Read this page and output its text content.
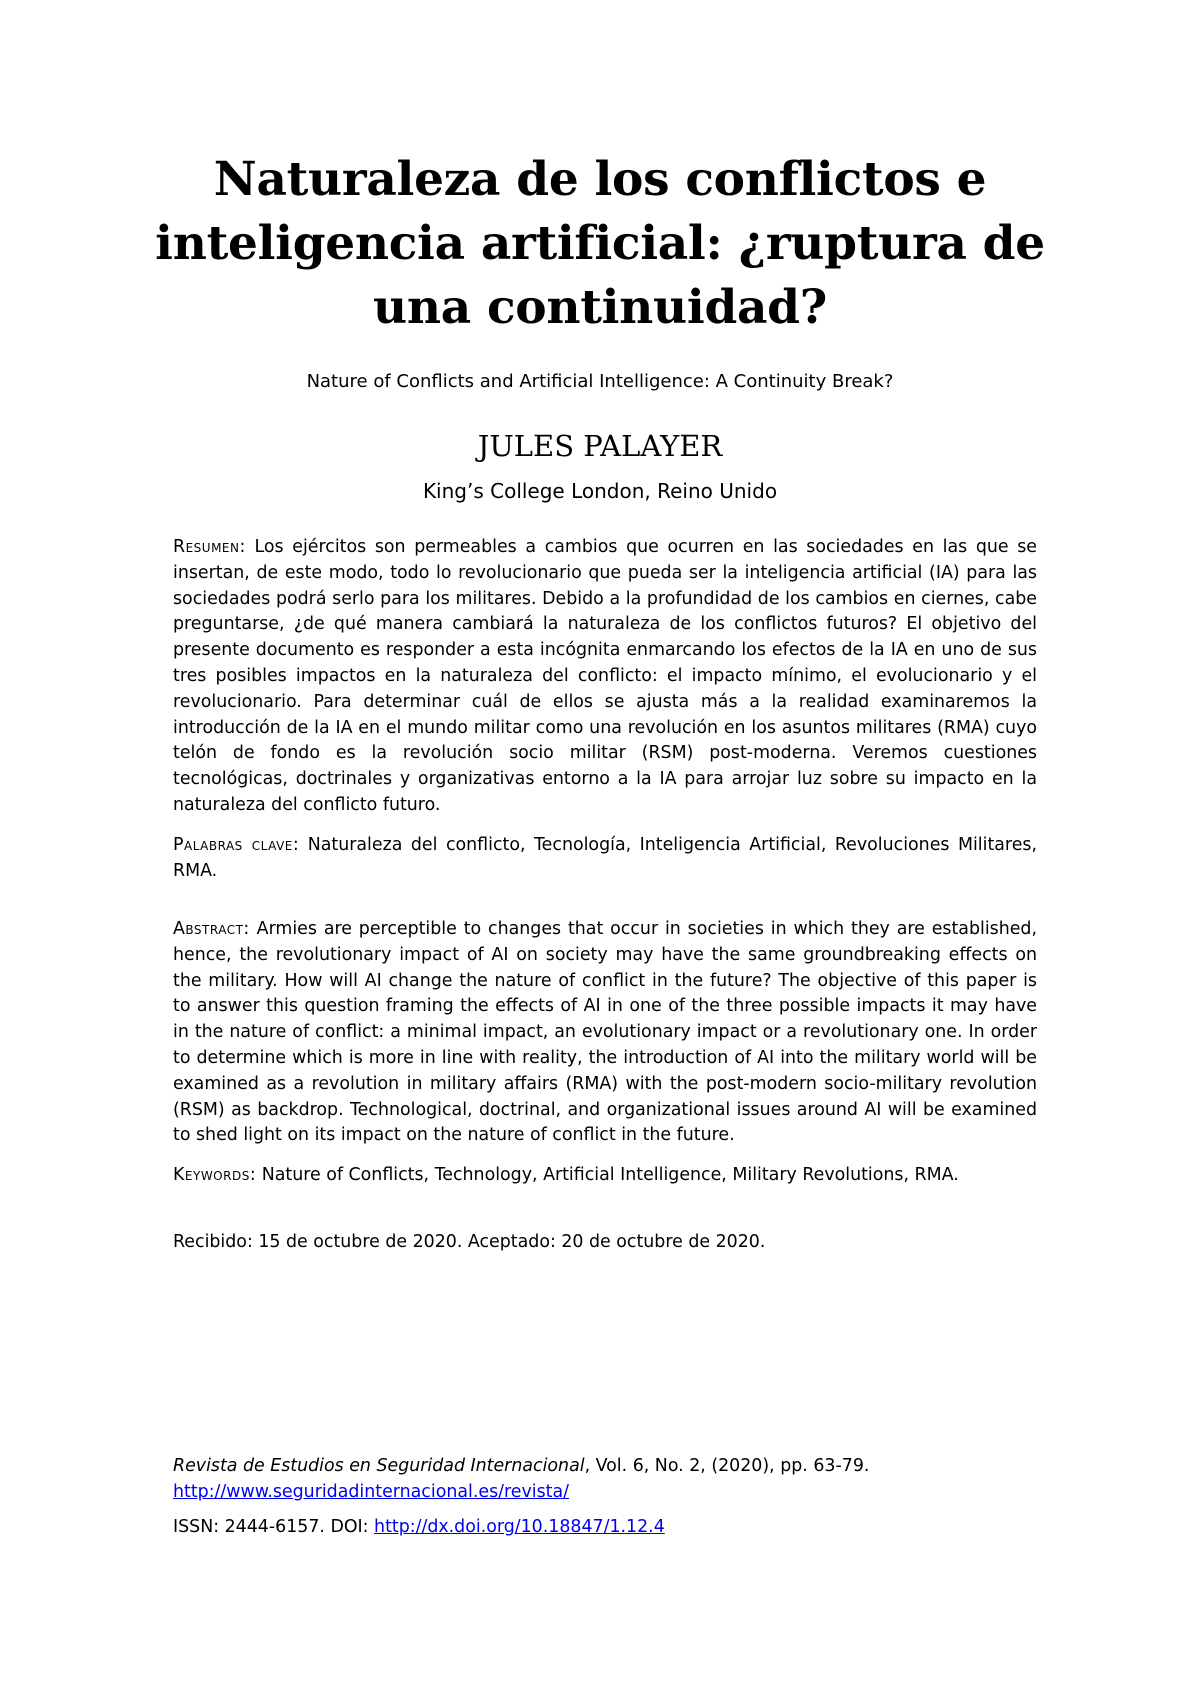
Naturaleza de los conflictos e
inteligencia artificial: ¿ruptura de
una continuidad?
Nature of Conflicts and Artificial Intelligence: A Continuity Break?
JULES PALAYER
King’s College London, Reino Unido
Resumen: Los ejércitos son permeables a cambios que ocurren en las sociedades en las que se insertan, de este modo, todo lo revolucionario que pueda ser la inteligencia artificial (IA) para las sociedades podrá serlo para los militares. Debido a la profundidad de los cambios en ciernes, cabe preguntarse, ¿de qué manera cambiará la naturaleza de los conflictos futuros? El objetivo del presente documento es responder a esta incógnita enmarcando los efectos de la IA en uno de sus tres posibles impactos en la naturaleza del conflicto: el impacto mínimo, el evolucionario y el revolucionario. Para determinar cuál de ellos se ajusta más a la realidad examinaremos la introducción de la IA en el mundo militar como una revolución en los asuntos militares (RMA) cuyo telón de fondo es la revolución socio militar (RSM) post-moderna. Veremos cuestiones tecnológicas, doctrinales y organizativas entorno a la IA para arrojar luz sobre su impacto en la naturaleza del conflicto futuro.
Palabras clave: Naturaleza del conflicto, Tecnología, Inteligencia Artificial, Revoluciones Militares, RMA.
Abstract: Armies are perceptible to changes that occur in societies in which they are established, hence, the revolutionary impact of AI on society may have the same groundbreaking effects on the military. How will AI change the nature of conflict in the future? The objective of this paper is to answer this question framing the effects of AI in one of the three possible impacts it may have in the nature of conflict: a minimal impact, an evolutionary impact or a revolutionary one. In order to determine which is more in line with reality, the introduction of AI into the military world will be examined as a revolution in military affairs (RMA) with the post-modern socio-military revolution (RSM) as backdrop. Technological, doctrinal, and organizational issues around AI will be examined to shed light on its impact on the nature of conflict in the future.
Keywords: Nature of Conflicts, Technology, Artificial Intelligence, Military Revolutions, RMA.
Recibido: 15 de octubre de 2020. Aceptado: 20 de octubre de 2020.
Revista de Estudios en Seguridad Internacional, Vol. 6, No. 2, (2020), pp. 63-79.
http://www.seguridadinternacional.es/revista/
ISSN: 2444-6157. DOI: http://dx.doi.org/10.18847/1.12.4
